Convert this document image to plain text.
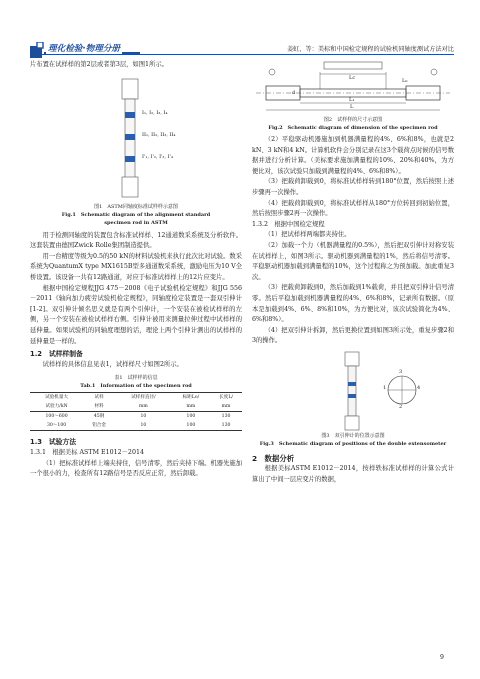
理化检验·物理分册	姜虹，等：美标和中国检定规程的试验机同轴度测试方法对比

片布置在试样样的第2层或者第3层，如图1所示。

I₁, I₂, I₃, I₄
II₁, II₂, II₃, II₄
I'₁, I'₂, I'₃, I'₄
图1　ASTM同轴度标准试样样示意图
Fig.1　Schematic diagram of the alignment standard
specimen rod in ASTM

用于检测同轴度的装置包含标准试样样、12通道数采系统及分析软件。这套装置由德国Zwick Rolle集团制造提供。

用一台精度等级为0.5的50 kN的材料试验机来执行此次比对试验。数采系统为QuantumX type MX1615B型多通道数采系统，激励电压为10 V全桥设置。该设备一共有12路通道，对应于标准试样样上的12片应变片。

根据中国检定规程JJG 475－2008《电子试验机检定规程》和JJG 556－2011《轴向加力疲劳试验机检定规程》，同轴度检定装置是一套双引伸计[1-2]。双引伸计倾名思义就是有两个引伸计，一个安装在被检试样样的左侧，另一个安装在被检试样样右侧。引伸计被用来测量拉伸过程中试样样的延伸量。如果试验机的同轴度理想的话，理论上两个引伸计测出的试样样的延伸量是一样的。

1.2　试样样制备

试样样的具体信息见表1，试样样尺寸如图2所示。

表1　试样样的信息
Tab.1　Information of the specimen rod
试验机量大	试样	试样样直径/	标距Lo/	长度L/
试验力/kN	材料	mm	mm	mm
100～600	45钢	10	100	130
30～100	铝合金	10	100	130
1.3　试验方法

1.3.1　根据美标 ASTM E1012－2014

（1）把标准试样样上端夹持住，信号清零，然后夹持下端。机器先施加一个很小的力，检查所有12路信号是否反应正常，然后卸载。

Lc
L₁
L
d
L₀
图2　试样样的尺寸示意图
Fig.2　Schematic diagram of dimension of the specimen rod

（2）平稳驱动机器施加到机器满量程的4%、6%和8%，也就是2 kN、3 kN和4 kN。计算机软件会分别记录在这3个载荷点时候的信号数据并进行分析计算。（美标要求施加满量程的10%、20%和40%，为方便比对，该次试验只加载到满量程的4%、6%和8%）。

（3）把载荷卸载到0，将标准试样样转到180°位置，然后按照上述步骤再一次操作。

（4）把载荷卸载到0，将标准试样样从180°方位转回到初始位置，然后按照步骤2再一次操作。

1.3.2　根据中国检定规程

（1）把试样样两端都夹持住。

（2）加载一个力（机器满量程的0.5%），然后把双引伸计对称安装在试样样上，如图3所示。驱动机器到满量程的1%，然后将信号清零。平稳驱动机器加载到满量程的10%，这个过程称之为预加载。加此重复3次。

（3）把载荷卸载到0，然后加载到1%载荷，并且把双引伸计信号清零。然后平稳加载到机器满量程的4%、6%和8%，记录所有数据。（原本是加载到4%、6%、8%和10%，为方便比对，该次试验简化为4%、6%和8%）。

（4）把双引伸计拆卸，然后更换位置到如图3所示处，重复步骤2和3的操作。

1
2
3
4
图3　双引伸计的位置示意图
Fig.3　Schematic diagram of positions of the double extensometer
2　数据分析

根据美标ASTM E1012－2014，按样轶标准试样样的计算公式计算出了中间一层应变片的数据，

9
